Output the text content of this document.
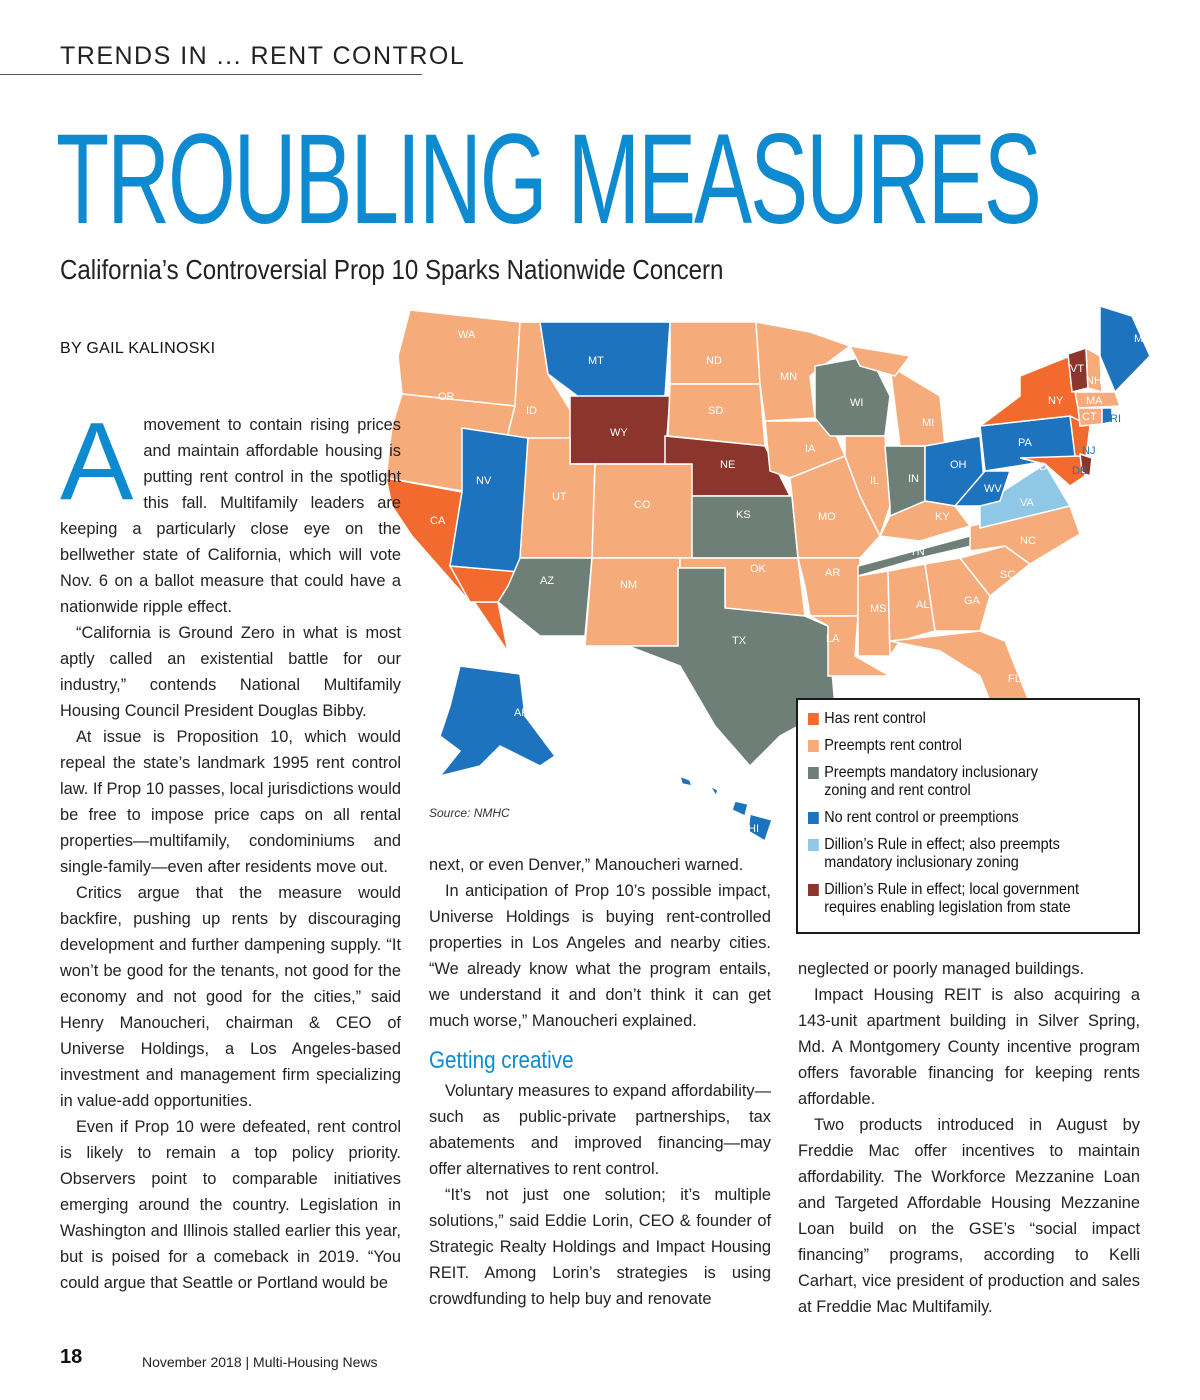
TRENDS IN ... RENT CONTROL
TROUBLING MEASURES
California’s Controversial Prop 10 Sparks Nationwide Concern
BY GAIL KALINOSKI
WA
OR
CA
ID
NV
MT
WY
UT
CO
AZ	NM
ND
SD
NE
KS
OK
TX
MN
IA
MO
AR
LA
WI
IL
MS
MI
IN
KY
TN
AL
OH
GA
FL
WV
VA
NC
SC
PA
NY
VT
NH
ME
MA
CT
MD
AK
HI
NJ
DE
RI
Source: NMHC
Has rent control
Preempts rent control
Preempts mandatory inclusionary zoning and rent control
No rent control or preemptions
Dillion’s Rule in effect; also preempts mandatory inclusionary zoning
Dillion’s Rule in effect; local government requires enabling legislation from state
A movement to contain rising prices and maintain affordable housing is putting rent control in the spotlight this fall. Multifamily leaders are keeping a particularly close eye on the bellwether state of California, which will vote Nov. 6 on a ballot measure that could have a nationwide ripple effect.

“California is Ground Zero in what is most aptly called an existential battle for our industry,” contends National Multifamily Housing Council President Douglas Bibby.

At issue is Proposition 10, which would repeal the state’s landmark 1995 rent control law. If Prop 10 passes, local jurisdictions would be free to impose price caps on all rental properties—multifamily, condominiums and single-family—even after residents move out.

Critics argue that the measure would backfire, pushing up rents by discouraging development and further dampening supply. “It won’t be good for the tenants, not good for the economy and not good for the cities,” said Henry Manoucheri, chairman & CEO of Universe Holdings, a Los Angeles-based investment and management firm specializing in value-add opportunities.

Even if Prop 10 were defeated, rent control is likely to remain a top policy priority. Observers point to comparable initiatives emerging around the country. Legislation in Washington and Illinois stalled earlier this year, but is poised for a comeback in 2019. “You could argue that Seattle or Portland would be

next, or even Denver,” Manoucheri warned.

In anticipation of Prop 10’s possible impact, Universe Holdings is buying rent-controlled properties in Los Angeles and nearby cities. “We already know what the program entails, we understand it and don’t think it can get much worse,” Manoucheri explained.

Getting creative

Voluntary measures to expand affordability—such as public-private partnerships, tax abatements and improved financing—may offer alternatives to rent control.

“It’s not just one solution; it’s multiple solutions,” said Eddie Lorin, CEO & founder of Strategic Realty Holdings and Impact Housing REIT. Among Lorin’s strategies is using crowdfunding to help buy and renovate

neglected or poorly managed buildings.

Impact Housing REIT is also acquiring a 143-unit apartment building in Silver Spring, Md. A Montgomery County incentive program offers favorable financing for keeping rents affordable.

Two products introduced in August by Freddie Mac offer incentives to maintain affordability. The Workforce Mezzanine Loan and Targeted Affordable Housing Mezzanine Loan build on the GSE’s “social impact financing” programs, according to Kelli Carhart, vice president of production and sales at Freddie Mac Multifamily.

18	November 2018 | Multi-Housing News
